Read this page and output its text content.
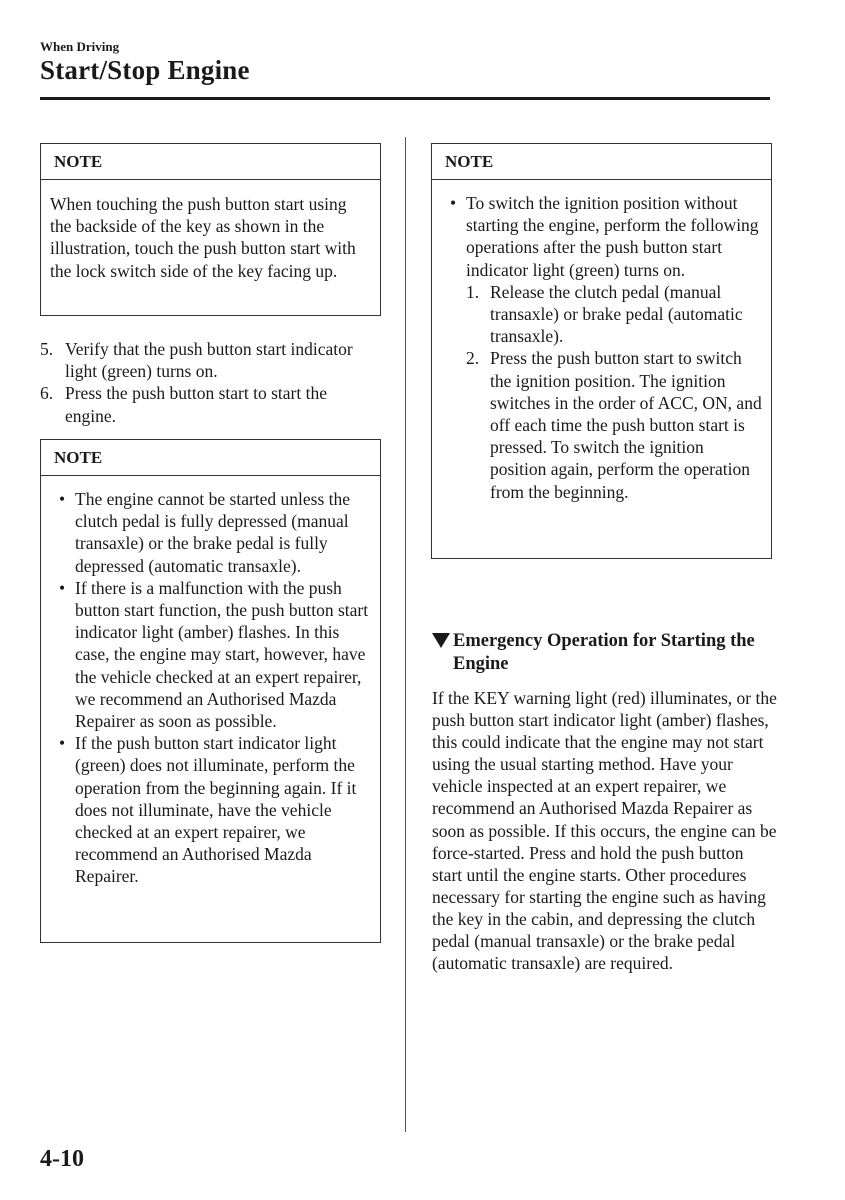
When Driving
Start/Stop Engine
NOTE
When touching the push button start using the backside of the key as shown in the illustration, touch the push button start with the lock switch side of the key facing up.
5. Verify that the push button start indicator light (green) turns on.
6. Press the push button start to start the engine.
NOTE
• The engine cannot be started unless the clutch pedal is fully depressed (manual transaxle) or the brake pedal is fully depressed (automatic transaxle).
• If there is a malfunction with the push button start function, the push button start indicator light (amber) flashes. In this case, the engine may start, however, have the vehicle checked at an expert repairer, we recommend an Authorised Mazda Repairer as soon as possible.
• If the push button start indicator light (green) does not illuminate, perform the operation from the beginning again. If it does not illuminate, have the vehicle checked at an expert repairer, we recommend an Authorised Mazda Repairer.
NOTE
• To switch the ignition position without starting the engine, perform the following operations after the push button start indicator light (green) turns on.
1. Release the clutch pedal (manual transaxle) or brake pedal (automatic transaxle).
2. Press the push button start to switch the ignition position. The ignition switches in the order of ACC, ON, and off each time the push button start is pressed. To switch the ignition position again, perform the operation from the beginning.
Emergency Operation for Starting the Engine

If the KEY warning light (red) illuminates, or the push button start indicator light (amber) flashes, this could indicate that the engine may not start using the usual starting method. Have your vehicle inspected at an expert repairer, we recommend an Authorised Mazda Repairer as soon as possible. If this occurs, the engine can be force-started. Press and hold the push button start until the engine starts. Other procedures necessary for starting the engine such as having the key in the cabin, and depressing the clutch pedal (manual transaxle) or the brake pedal (automatic transaxle) are required.

4-10
